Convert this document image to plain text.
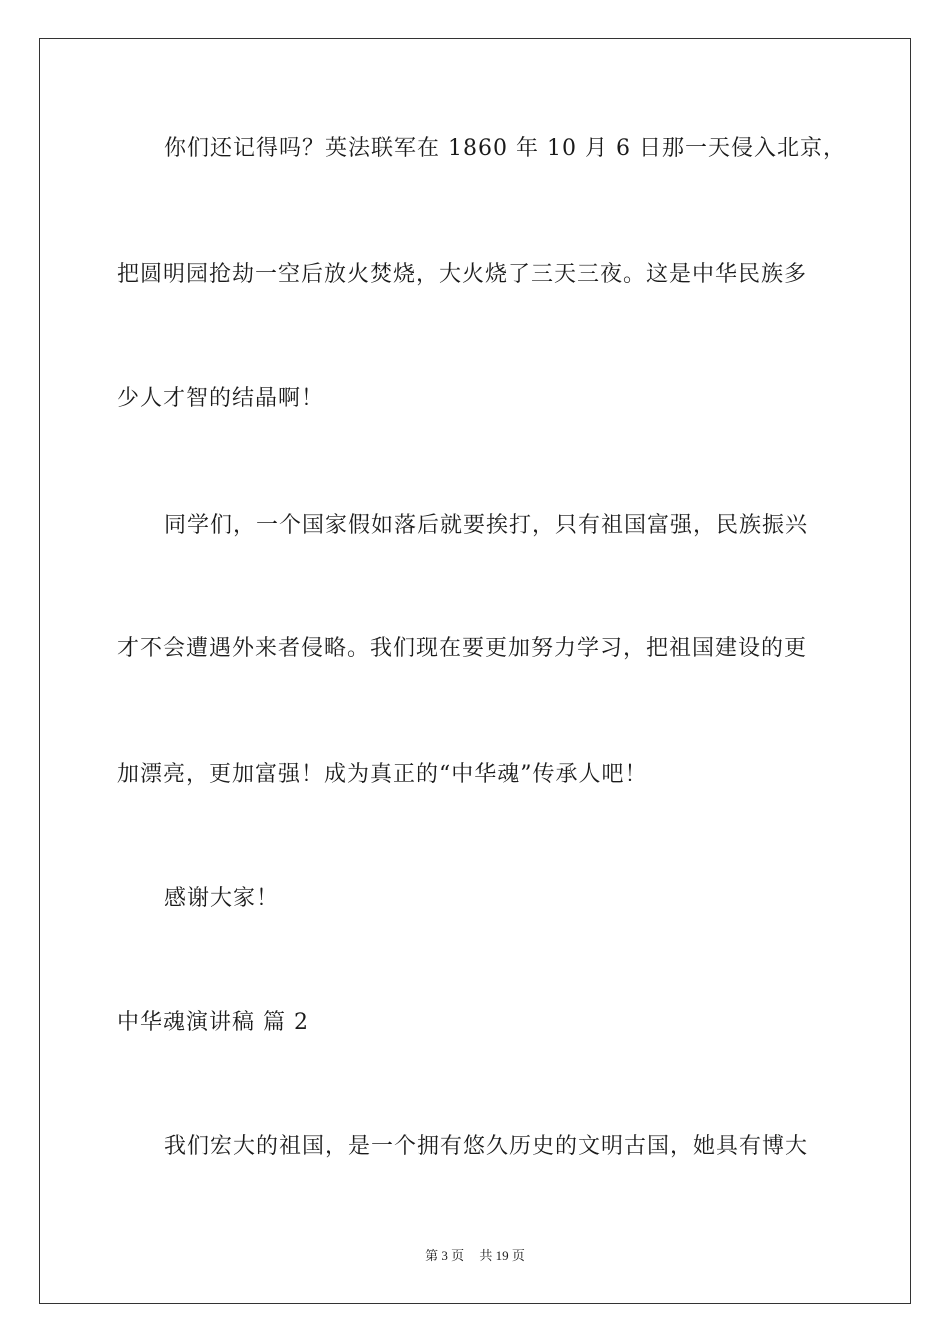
你们还记得吗？英法联军在 1860 年 10 月 6 日那一天侵入北京，
把圆明园抢劫一空后放火焚烧，大火烧了三天三夜。这是中华民族多
少人才智的结晶啊！
同学们，一个国家假如落后就要挨打，只有祖国富强，民族振兴
才不会遭遇外来者侵略。我们现在要更加努力学习，把祖国建设的更
加漂亮，更加富强！成为真正的“中华魂”传承人吧！
感谢大家！
中华魂演讲稿 篇 2
我们宏大的祖国，是一个拥有悠久历史的文明古国，她具有博大
第 3 页 共 19 页
